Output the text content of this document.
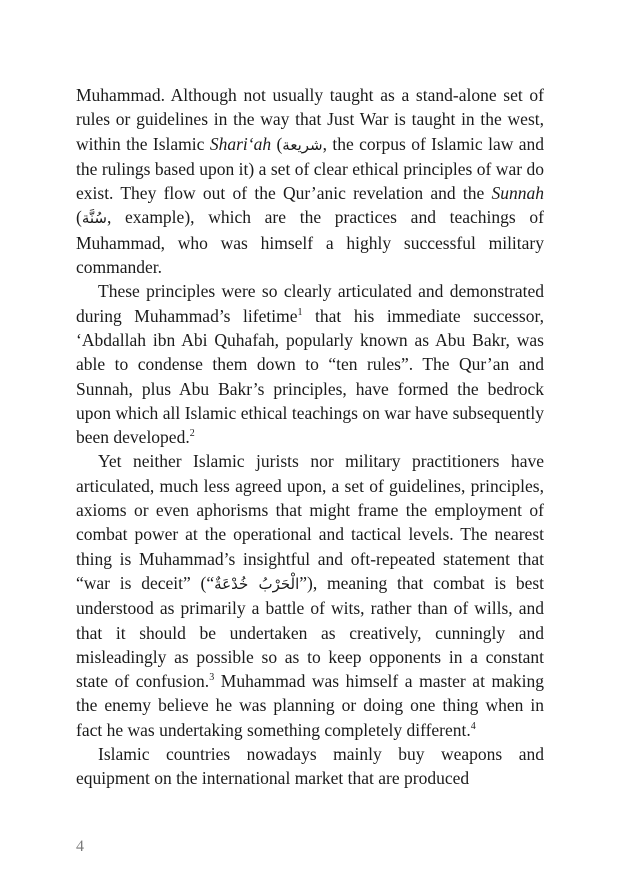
Muhammad. Although not usually taught as a stand-alone set of rules or guidelines in the way that Just War is taught in the west, within the Islamic Shari‘ah (شريعة, the corpus of Islamic law and the rulings based upon it) a set of clear ethical principles of war do exist. They flow out of the Qur’anic revelation and the Sunnah (سُنَّة, example), which are the practices and teachings of Muhammad, who was himself a highly successful military commander.

These principles were so clearly articulated and demonstrated during Muhammad’s lifetime$^1$ that his immediate successor, ‘Abdallah ibn Abi Quhafah, popularly known as Abu Bakr, was able to condense them down to “ten rules”. The Qur’an and Sunnah, plus Abu Bakr’s principles, have formed the bedrock upon which all Islamic ethical teachings on war have subsequently been developed.$^2$

Yet neither Islamic jurists nor military practitioners have articulated, much less agreed upon, a set of guidelines, principles, axioms or even aphorisms that might frame the employment of combat power at the operational and tactical levels. The nearest thing is Muhammad’s insightful and oft-repeated statement that “war is deceit” (“الْحَرْبُ خُدْعَةٌ”), meaning that combat is best understood as primarily a battle of wits, rather than of wills, and that it should be undertaken as creatively, cunningly and misleadingly as possible so as to keep opponents in a constant state of confusion.$^3$ Muhammad was himself a master at making the enemy believe he was planning or doing one thing when in fact he was undertaking something completely different.$^4$

Islamic countries nowadays mainly buy weapons and equipment on the international market that are produced

4
